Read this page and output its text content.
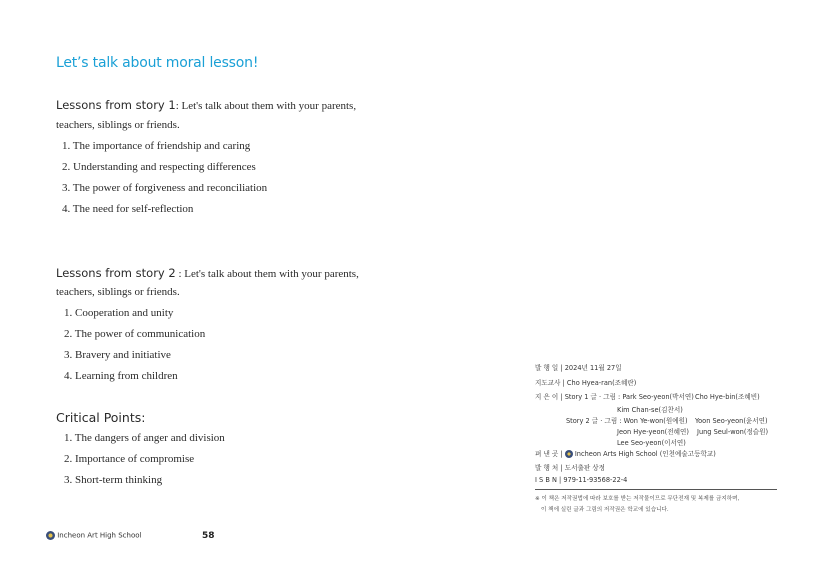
Let’s talk about moral lesson!
Lessons from story 1: Let's talk about them with your parents,
teachers, siblings or friends.
1. The importance of friendship and caring
2. Understanding and respecting differences
3. The power of forgiveness and reconciliation
4. The need for self-reflection
Lessons from story 2 : Let's talk about them with your parents,
teachers, siblings or friends.
1. Cooperation and unity
2. The power of communication
3. Bravery and initiative
4. Learning from children
Critical Points:
1. The dangers of anger and division
2. Importance of compromise
3. Short-term thinking
발 행 일 | 2024년 11월 27일
지도교사 | Cho Hyea-ran(조혜란)
지 은 이 | Story 1 글 · 그림 : Park Seo-yeon(박서연) Cho Hye-bin(조혜빈)
Kim Chan-se(김찬서)
Story 2 글 · 그림 : Won Ye-won(원예원) Yoon Seo-yeon(윤서연)
Jeon Hye-yeon(전혜연) Jung Seul-won(정슬원)
Lee Seo-yeon(이서연)
펴 낸 곳 | Incheon Arts High School (인천예술고등학교)
발 행 처 | 도서출판 상정
I S B N | 979-11-93568-22-4
※ 이 책은 저작권법에 따라 보호를 받는 저작물이므로 무단전재 및 복제를 금지하며,
이 책에 실린 글과 그림의 저작권은 학교에 있습니다.
Incheon Art High School	58
